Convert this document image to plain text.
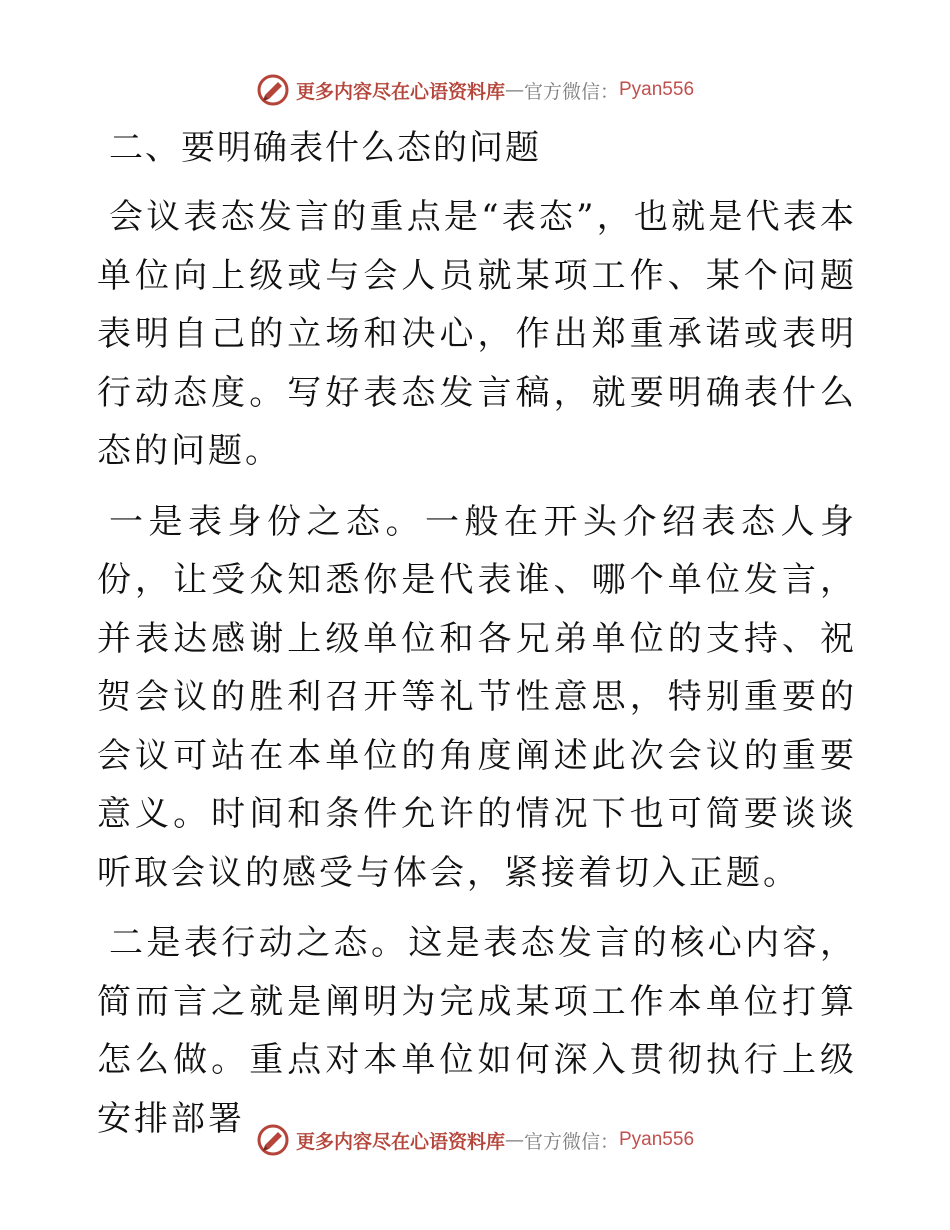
更多内容尽在心语资料库 — 官方微信： Pyan556
二、要明确表什么态的问题

会议表态发言的重点是“表态”，也就是代表本单位向上级或与会人员就某项工作、某个问题表明自己的立场和决心，作出郑重承诺或表明行动态度。写好表态发言稿，就要明确表什么态的问题。

一是表身份之态。一般在开头介绍表态人身份，让受众知悉你是代表谁、哪个单位发言，并表达感谢上级单位和各兄弟单位的支持、祝贺会议的胜利召开等礼节性意思，特别重要的会议可站在本单位的角度阐述此次会议的重要意义。时间和条件允许的情况下也可简要谈谈听取会议的感受与体会，紧接着切入正题。

二是表行动之态。这是表态发言的核心内容，简而言之就是阐明为完成某项工作本单位打算怎么做。重点对本单位如何深入贯彻执行上级安排部署

更多内容尽在心语资料库 — 官方微信： Pyan556
